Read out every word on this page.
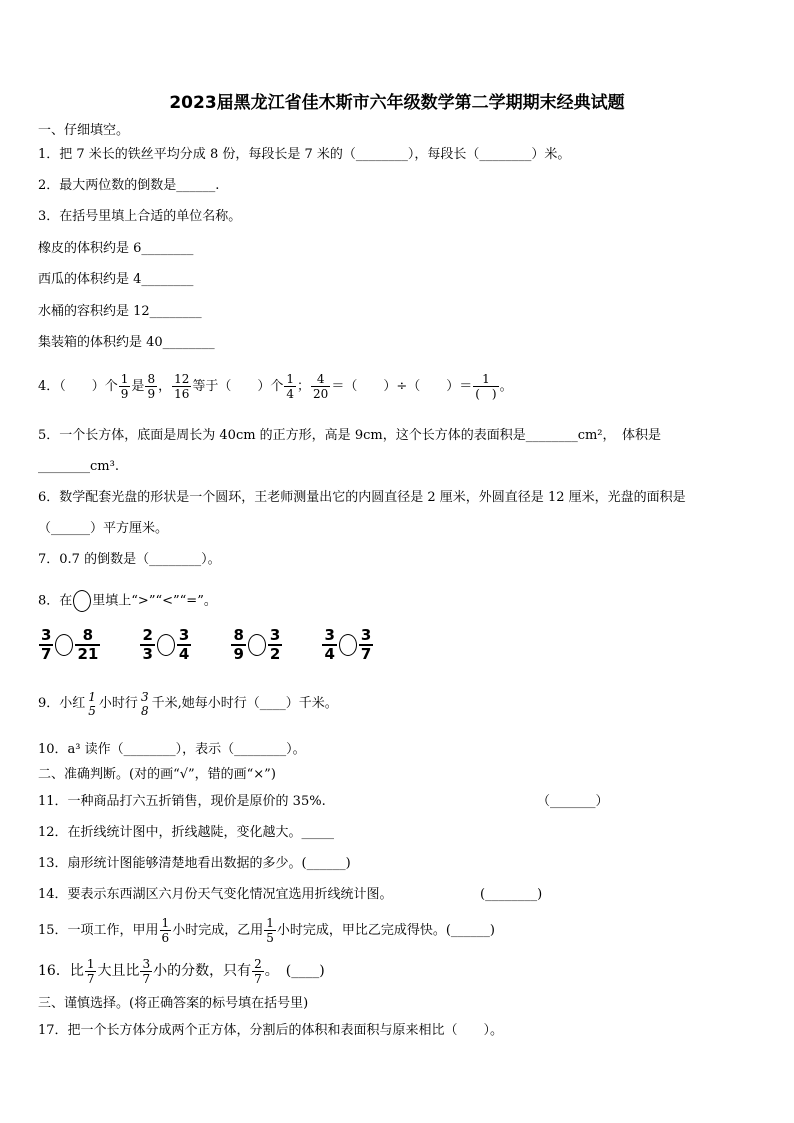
2023届黑龙江省佳木斯市六年级数学第二学期期末经典试题
一、仔细填空。
1．把 7 米长的铁丝平均分成 8 份，每段长是 7 米的（________），每段长（________）米。
2．最大两位数的倒数是______.
3．在括号里填上合适的单位名称。
橡皮的体积约是 6________
西瓜的体积约是 4________
水桶的容积约是 12________
集装箱的体积约是 40________
4．（　　）个 $\frac{1}{9}$ 是 $\frac{8}{9}$ ， $\frac{12}{16}$ 等于（　　）个 $\frac{1}{4}$ ； $\frac{4}{20}$ ＝（　　）÷（　　）＝ $\frac{1}{( )}$ 。
5．一个长方体，底面是周长为 40cm 的正方形，高是 9cm，这个长方体的表面积是________cm²，　体积是
________cm³.
6．数学配套光盘的形状是一个圆环，王老师测量出它的内圆直径是 2 厘米，外圆直径是 12 厘米，光盘的面积是
（______）平方厘米。
7．0.7 的倒数是（________）。
8．在 里填上“>”“<”“=”。
$\frac{3}{7} \frac{8}{21}$
	$\frac{2}{3} \frac{3}{4}$
	$\frac{8}{9} \frac{3}{2}$
	$\frac{3}{4} \frac{3}{7}$
9．小红 1
5 小时行 3
8 千米,她每小时行（____）千米。
10．a³ 读作（________），表示（________）。
二、准确判断。(对的画“√”，错的画“×”)
11．一种商品打六五折销售，现价是原价的 35%.	（_______）
12．在折线统计图中，折线越陡，变化越大。_____
13．扇形统计图能够清楚地看出数据的多少。(______)
14．要表示东西湖区六月份天气变化情况宜选用折线统计图。	(________)
15．一项工作，甲用 $\frac{1}{6}$ 小时完成，乙用 $\frac{1}{5}$ 小时完成，甲比乙完成得快。(______)
16．比 $\frac{1}{7}$ 大且比 $\frac{3}{7}$ 小的分数，只有 $\frac{2}{7}$ 。　(____)
三、谨慎选择。(将正确答案的标号填在括号里)
17．把一个长方体分成两个正方体，分割后的体积和表面积与原来相比（　　）。
